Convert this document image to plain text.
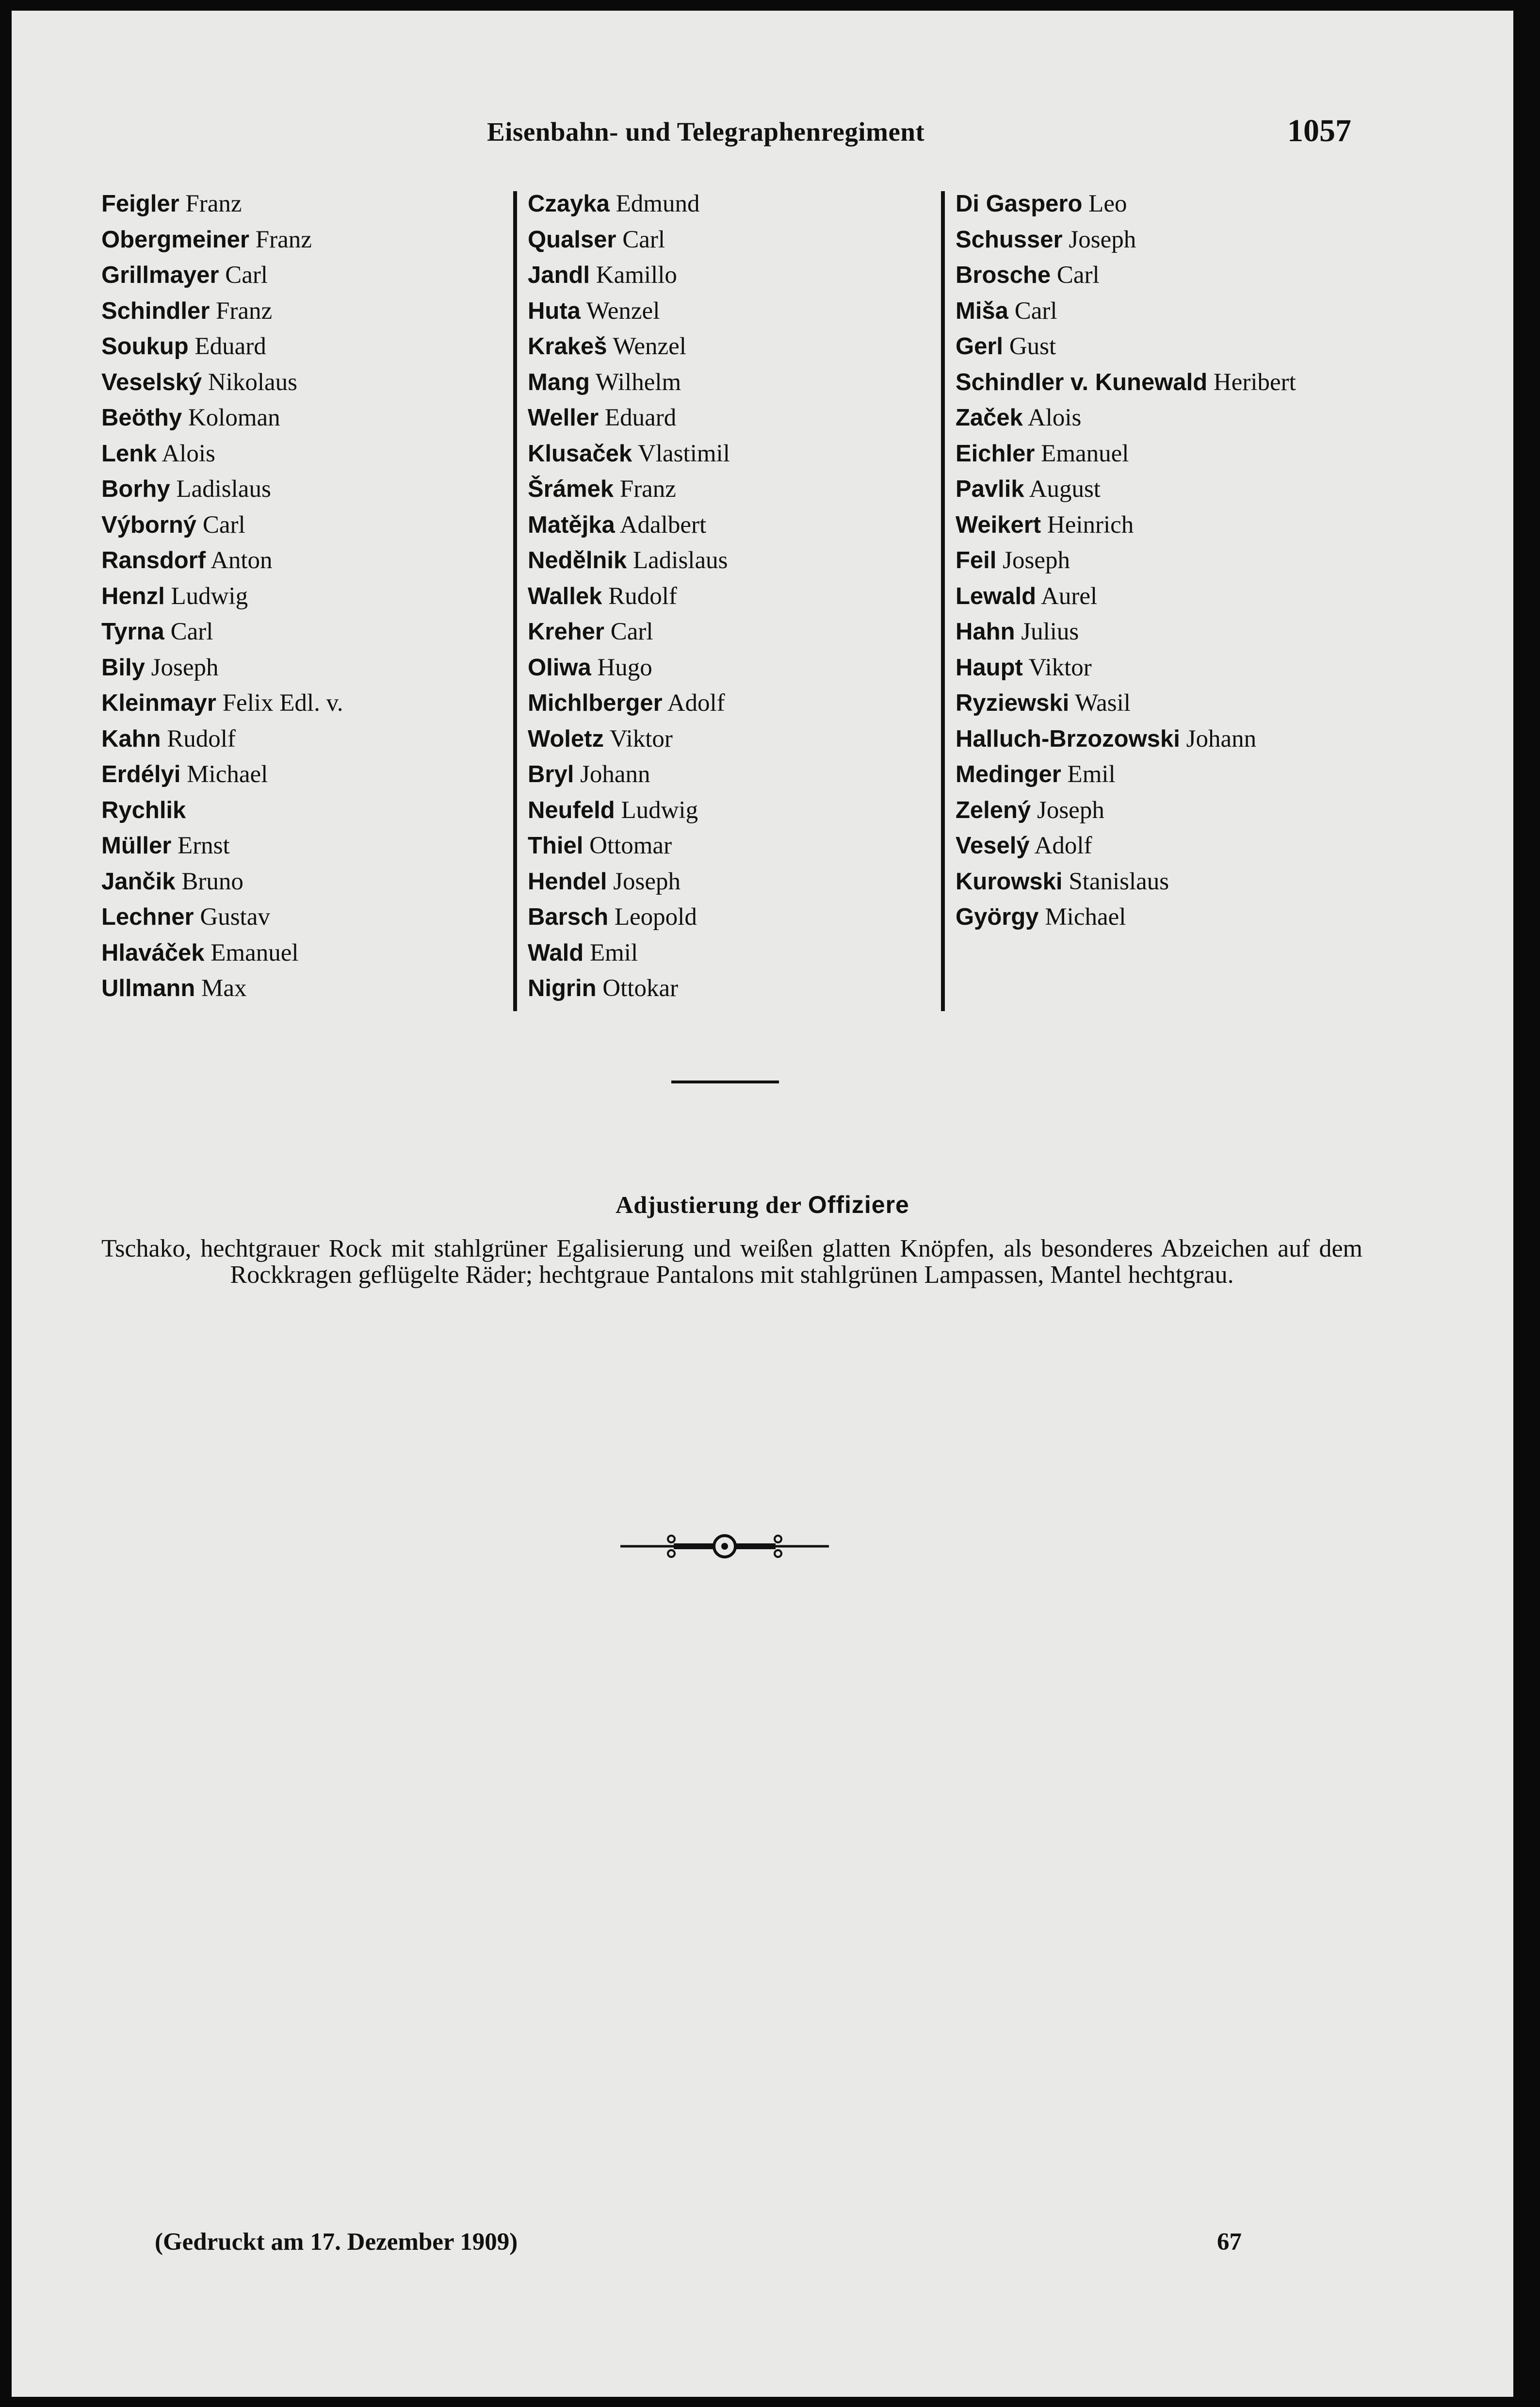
Eisenbahn- und Telegraphenregiment	1057
Feigler Franz
Obergmeiner Franz
Grillmayer Carl
Schindler Franz
Soukup Eduard
Veselský Nikolaus
Beöthy Koloman
Lenk Alois
Borhy Ladislaus
Výborný Carl
Ransdorf Anton
Henzl Ludwig
Tyrna Carl
Bily Joseph
Kleinmayr Felix Edl. v.
Kahn Rudolf
Erdélyi Michael
Rychlik
Müller Ernst
Jančik Bruno
Lechner Gustav
Hlaváček Emanuel
Ullmann Max
Czayka Edmund
Qualser Carl
Jandl Kamillo
Huta Wenzel
Krakeš Wenzel
Mang Wilhelm
Weller Eduard
Klusaček Vlastimil
Šrámek Franz
Matějka Adalbert
Nedělnik Ladislaus
Wallek Rudolf
Kreher Carl
Oliwa Hugo
Michlberger Adolf
Woletz Viktor
Bryl Johann
Neufeld Ludwig
Thiel Ottomar
Hendel Joseph
Barsch Leopold
Wald Emil
Nigrin Ottokar
Di Gaspero Leo
Schusser Joseph
Brosche Carl
Miša Carl
Gerl Gust
Schindler v. Kunewald Heribert
Začek Alois
Eichler Emanuel
Pavlik August
Weikert Heinrich
Feil Joseph
Lewald Aurel
Hahn Julius
Haupt Viktor
Ryziewski Wasil
Halluch-Brzozowski Johann
Medinger Emil
Zelený Joseph
Veselý Adolf
Kurowski Stanislaus
György Michael
Adjustierung der Offiziere
Tschako, hechtgrauer Rock mit stahlgrüner Egalisierung und weißen glatten Knöpfen, als besonderes Abzeichen auf dem Rockkragen geflügelte Räder; hechtgraue Pantalons mit stahlgrünen Lampassen, Mantel hechtgrau.
(Gedruckt am 17. Dezember 1909)	67
